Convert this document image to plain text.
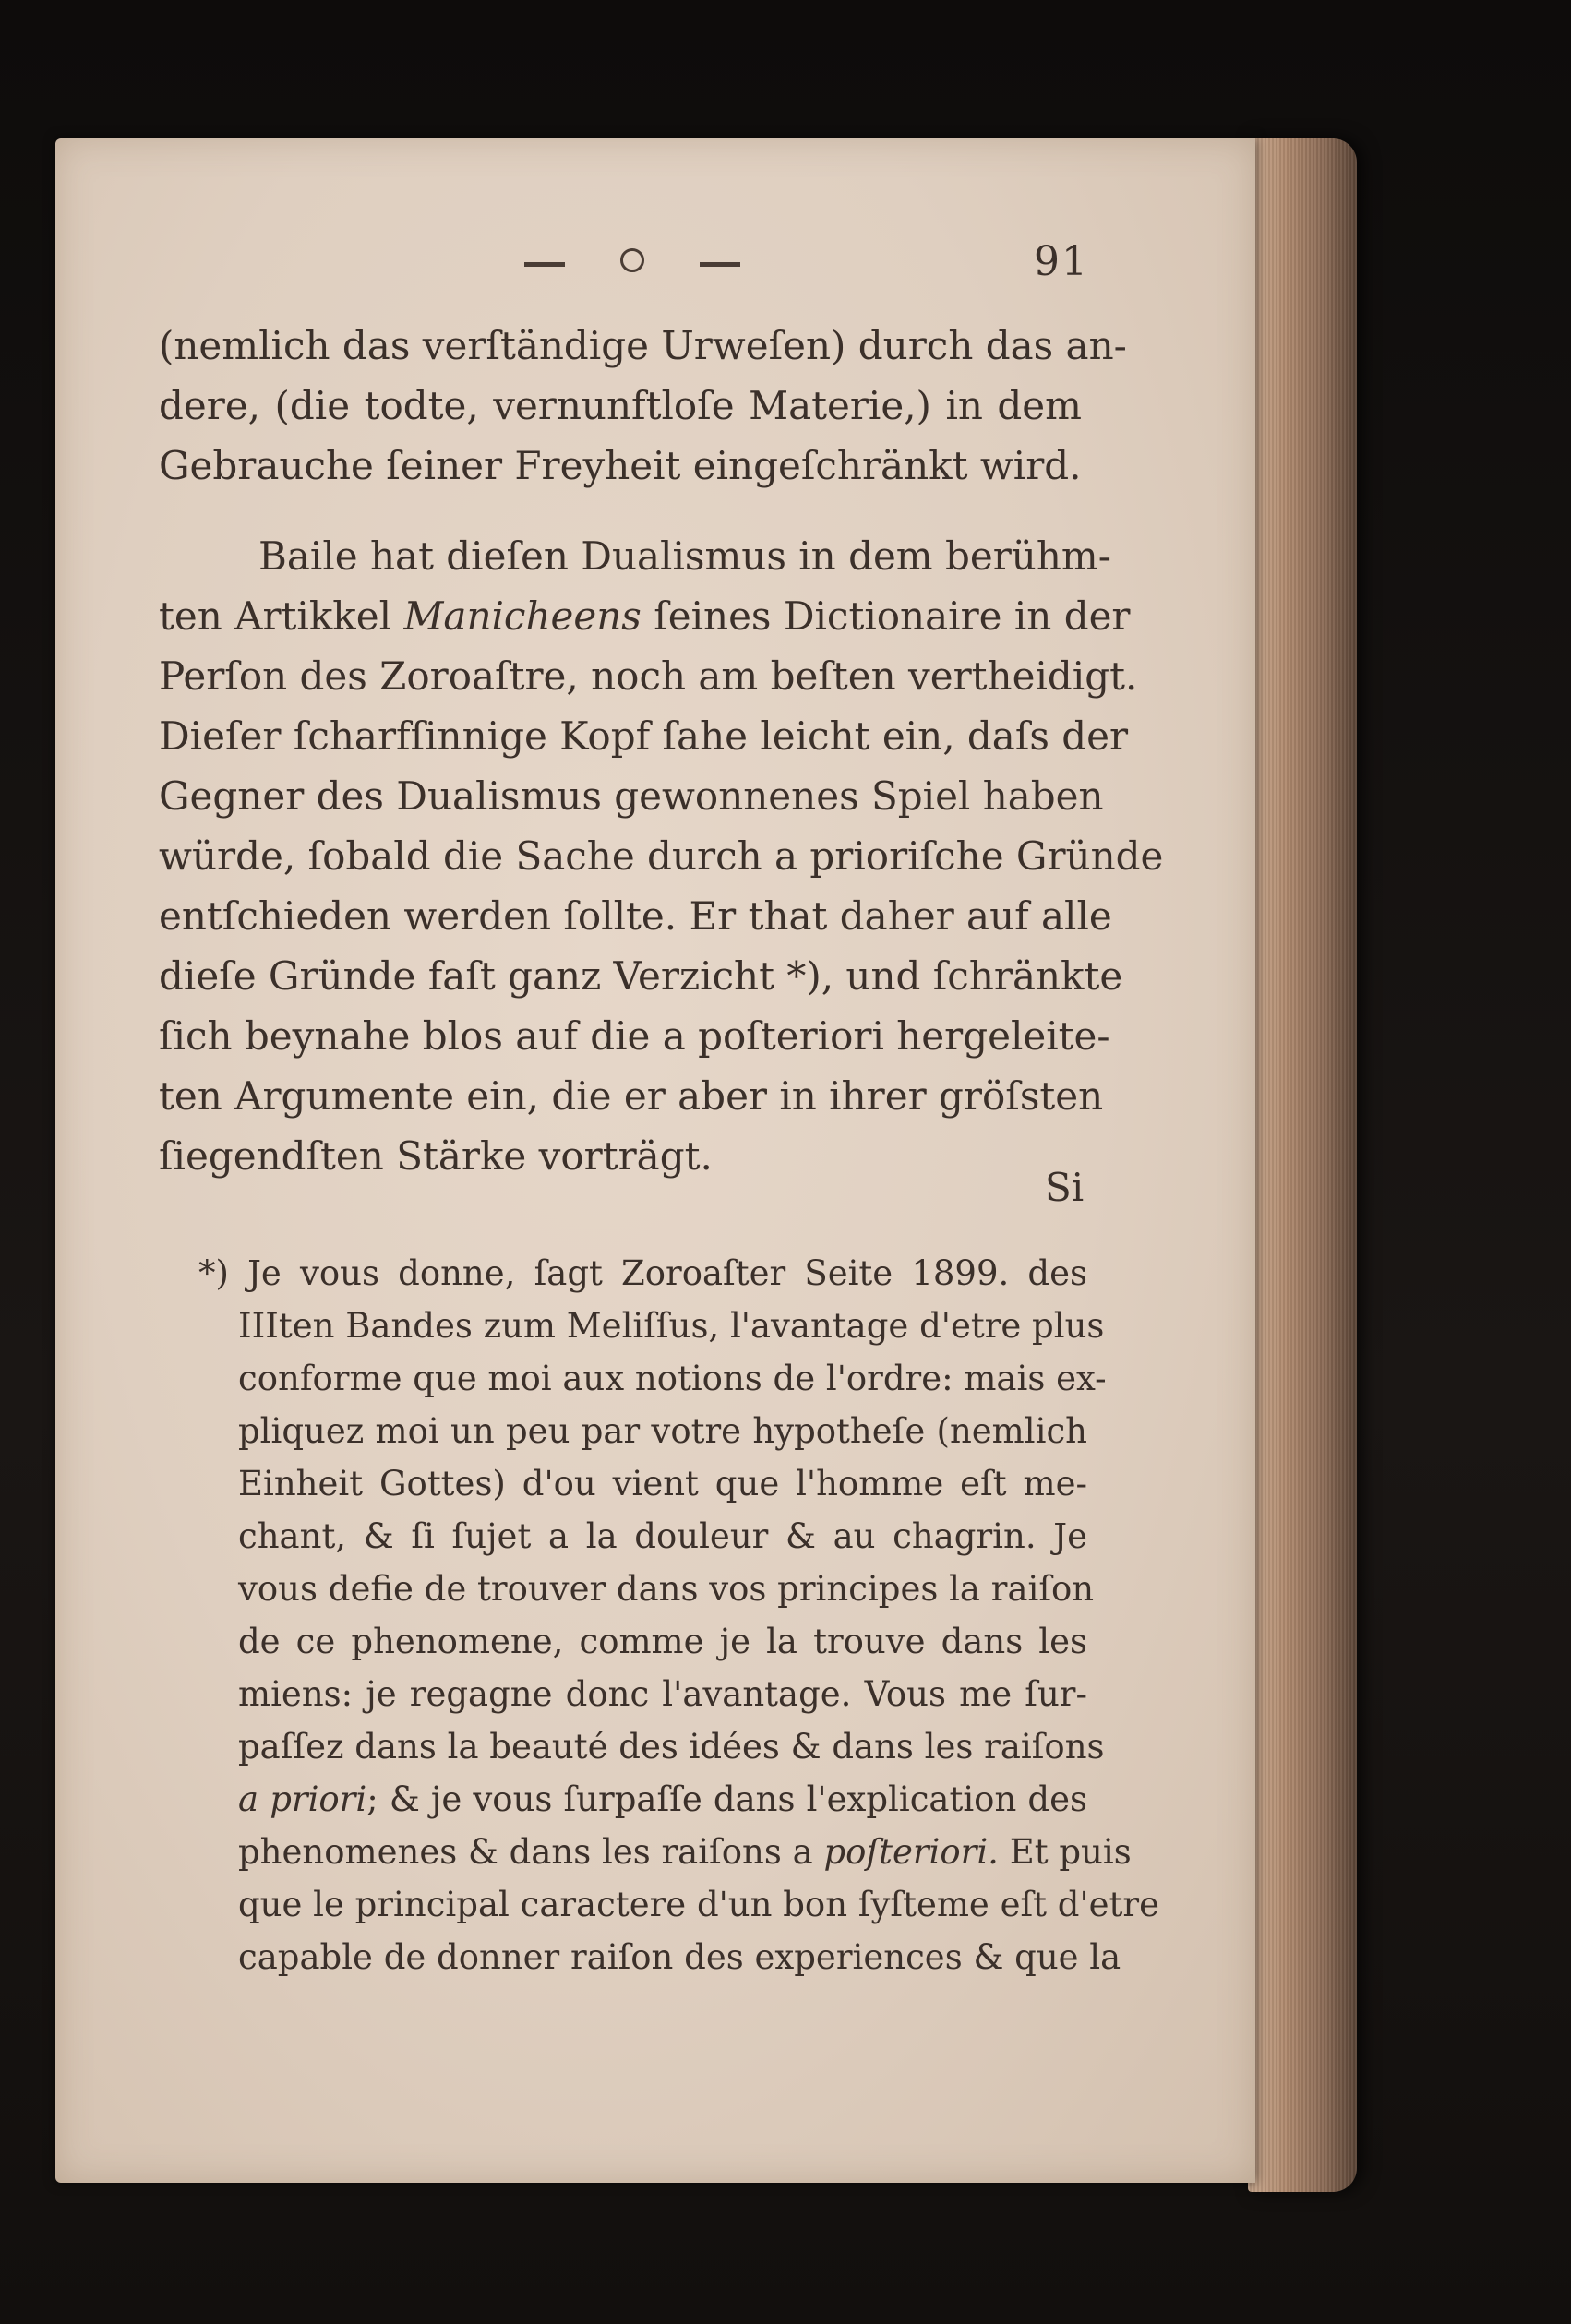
91
(nemlich das verſtändige Urweſen) durch das an-
dere, (die todte, vernunftloſe Materie,) in dem
Gebrauche ſeiner Freyheit eingeſchränkt wird.
Baile hat dieſen Dualismus in dem berühm-
ten Artikkel Manicheens ſeines Dictionaire in der
Perſon des Zoroaſtre, noch am beſten vertheidigt.
Dieſer ſcharfſinnige Kopf ſahe leicht ein, daſs der
Gegner des Dualismus gewonnenes Spiel haben
würde, ſobald die Sache durch a prioriſche Gründe
entſchieden werden ſollte. Er that daher auf alle
dieſe Gründe faſt ganz Verzicht *), und ſchränkte
ſich beynahe blos auf die a poſteriori hergeleite-
ten Argumente ein, die er aber in ihrer gröſsten
ſiegendſten Stärke vorträgt.
Si
*) Je vous donne, ſagt Zoroaſter Seite 1899. des
IIIten Bandes zum Meliſſus, l'avantage d'etre plus
conforme que moi aux notions de l'ordre: mais ex-
pliquez moi un peu par votre hypotheſe (nemlich
Einheit Gottes) d'ou vient que l'homme eſt me-
chant, & ſi ſujet a la douleur & au chagrin. Je
vous defie de trouver dans vos principes la raiſon
de ce phenomene, comme je la trouve dans les
miens: je regagne donc l'avantage. Vous me ſur-
paſſez dans la beauté des idées & dans les raiſons
a priori; & je vous ſurpaſſe dans l'explication des
phenomenes & dans les raiſons a poſteriori. Et puis
que le principal caractere d'un bon ſyſteme eſt d'etre
capable de donner raiſon des experiences & que la
